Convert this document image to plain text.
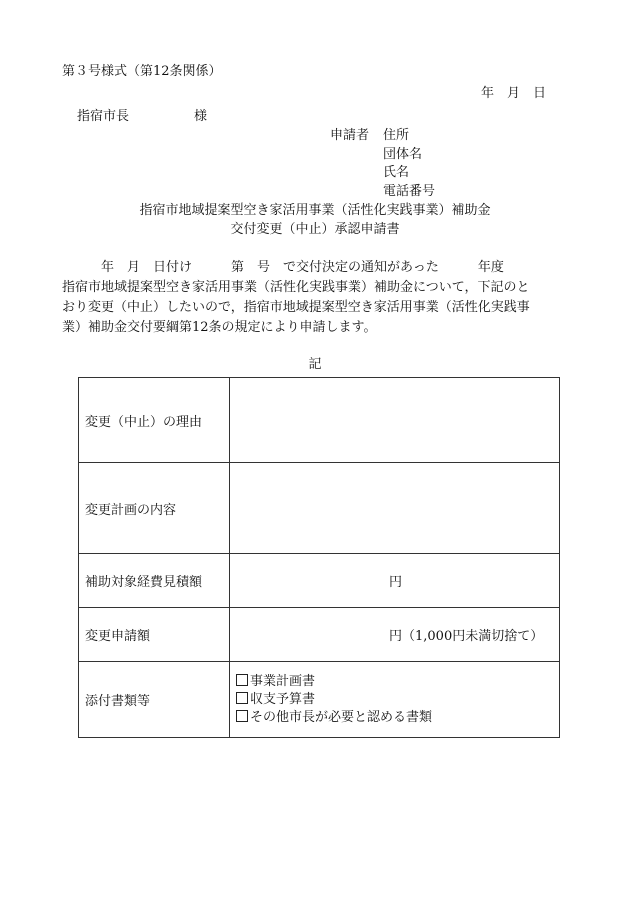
第３号様式（第12条関係）
年　月　日
指宿市長　　　　　様
申請者 住所
団体名
氏名
電話番号
指宿市地域提案型空き家活用事業（活性化実践事業）補助金
交付変更（中止）承認申請書
　　　年　月　日付け　　　第　号　で交付決定の通知があった　　　年度
指宿市地域提案型空き家活用事業（活性化実践事業）補助金について，下記のと
おり変更（中止）したいので，指宿市地域提案型空き家活用事業（活性化実践事
業）補助金交付要綱第12条の規定により申請します。
記
変更（中止）の理由	
変更計画の内容	
補助対象経費見積額	円
変更申請額	円（1,000円未満切捨て）
添付書類等	事業計画書
収支予算書
その他市長が必要と認める書類
